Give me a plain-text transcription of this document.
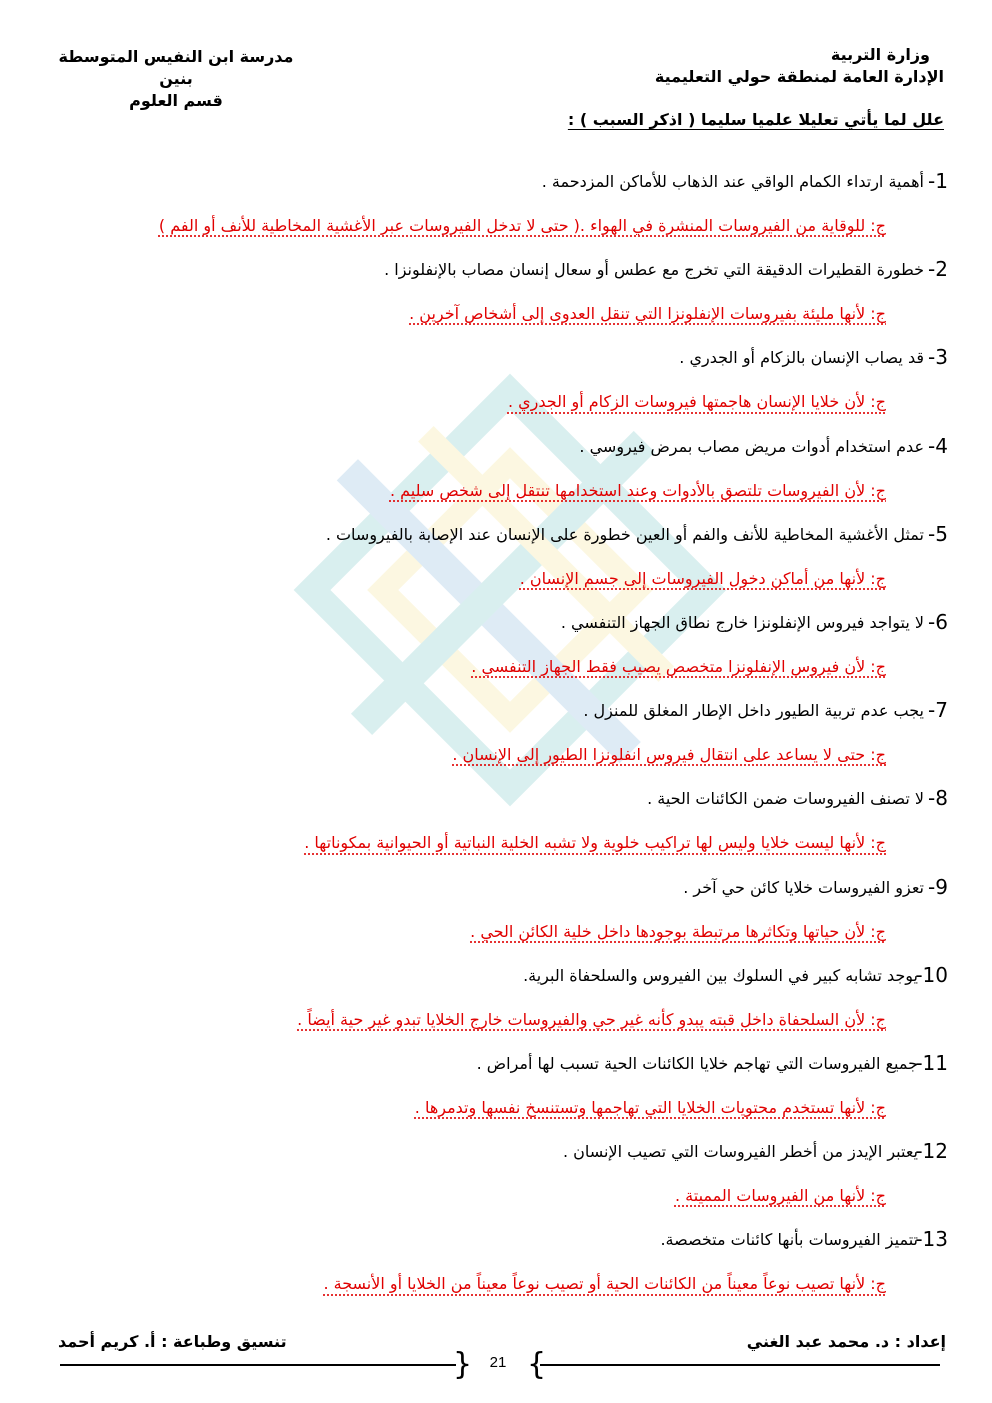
وزارة التربية
الإدارة العامة لمنطقة حولي التعليمية
مدرسة ابن النفيس المتوسطة بنين
قسم العلوم
علل لما يأتي تعليلا علميا سليما ( اذكر السبب ) :
1-
أهمية ارتداء الكمام الواقي عند الذهاب للأماكن المزدحمة .
ج: للوقاية من الفيروسات المنشرة في الهواء .( حتى لا تدخل الفيروسات عبر الأغشية المخاطية للأنف أو الفم )
2-
خطورة القطيرات الدقيقة التي تخرج مع عطس أو سعال إنسان مصاب بالإنفلونزا .
ج: لأنها مليئة بفيروسات الإنفلونزا التي تنقل العدوى إلى أشخاص آخرين .
3-
قد يصاب الإنسان بالزكام أو الجدري .
ج: لأن خلايا الإنسان هاجمتها فيروسات الزكام أو الجدري .
4-
عدم استخدام أدوات مريض مصاب بمرض فيروسي .
ج: لأن الفيروسات تلتصق بالأدوات وعند استخدامها تنتقل إلى شخص سليم .
5-
تمثل الأغشية المخاطية للأنف والفم أو العين خطورة على الإنسان عند الإصابة بالفيروسات .
ج: لأنها من أماكن دخول الفيروسات إلى جسم الإنسان .
6-
لا يتواجد فيروس الإنفلونزا خارج نطاق الجهاز التنفسي .
ج: لأن فيروس الإنفلونزا متخصص يصيب فقط الجهاز التنفسي .
7-
يجب عدم تربية الطيور داخل الإطار المغلق للمنزل .
ج: حتى لا يساعد على انتقال فيروس انفلونزا الطيور إلى الإنسان .
8-
لا تصنف الفيروسات ضمن الكائنات الحية .
ج: لأنها ليست خلايا وليس لها تراكيب خلوية ولا تشبه الخلية النباتية أو الحيوانية بمكوناتها .
9-
تعزو الفيروسات خلايا كائن حي آخر .
ج: لأن حياتها وتكاثرها مرتبطة بوجودها داخل خلية الكائن الحي .
10-
يوجد تشابه كبير في السلوك بين الفيروس والسلحفاة البرية.
ج: لأن السلحفاة داخل قبته يبدو كأنه غير حي والفيروسات خارج الخلايا تبدو غير حية أيضاً .
11-
جميع الفيروسات التي تهاجم خلايا الكائنات الحية تسبب لها أمراض .
ج: لأنها تستخدم محتويات الخلايا التي تهاجمها وتستنسخ نفسها وتدمرها .
12-
يعتبر الإيدز من أخطر الفيروسات التي تصيب الإنسان .
ج: لأنها من الفيروسات المميتة .
13-
تتميز الفيروسات بأنها كائنات متخصصة.
ج: لأنها تصيب نوعاً معيناً من الكائنات الحية أو تصيب نوعاً معيناً من الخلايا أو الأنسجة .
إعداد : د. محمد عبد الغني
تنسيق وطباعة : أ. كريم أحمد
{ }
21
